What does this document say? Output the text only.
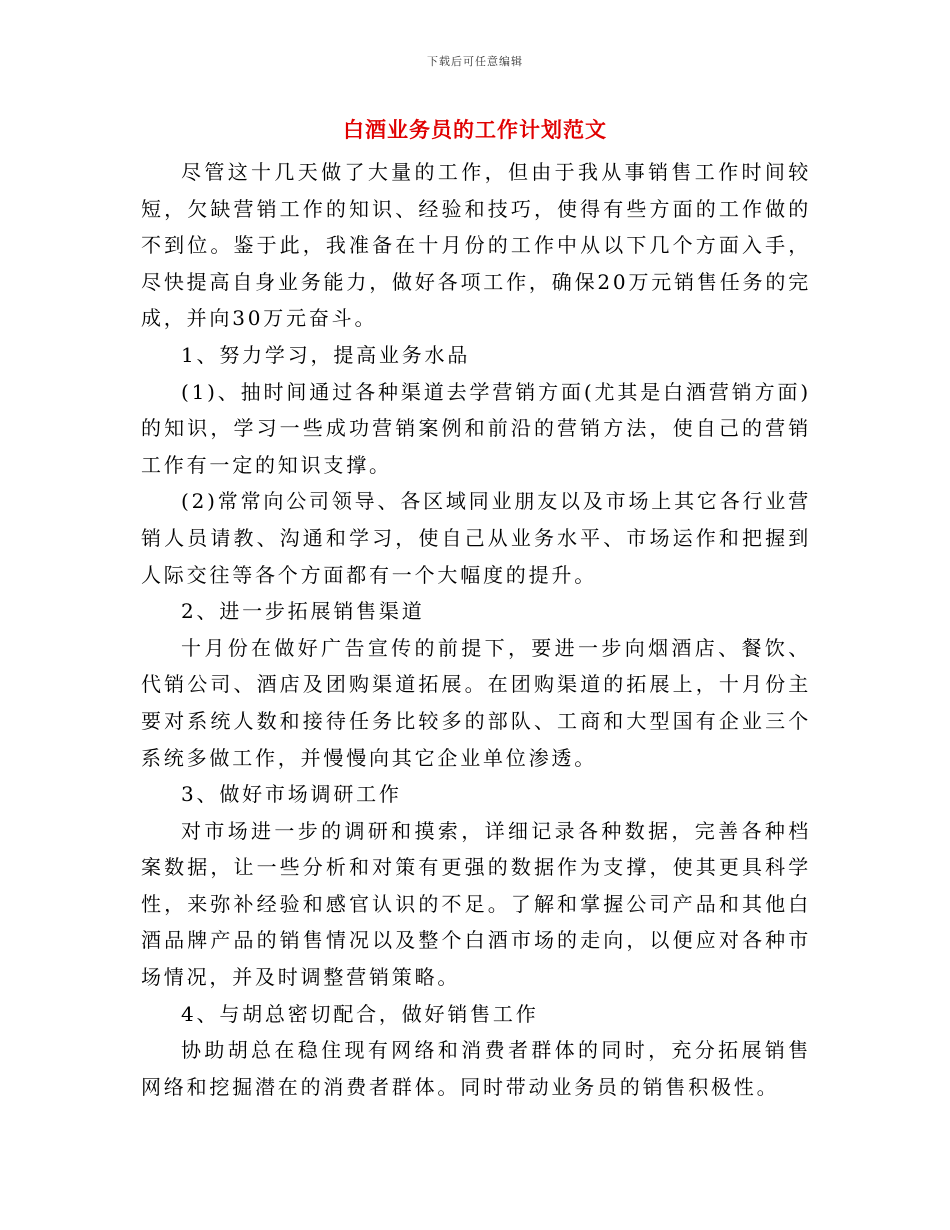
下载后可任意编辑
白酒业务员的工作计划范文

尽管这十几天做了大量的工作，但由于我从事销售工作时间较短，欠缺营销工作的知识、经验和技巧，使得有些方面的工作做的不到位。鉴于此，我准备在十月份的工作中从以下几个方面入手，尽快提高自身业务能力，做好各项工作，确保20万元销售任务的完成，并向30万元奋斗。

1、努力学习，提高业务水品

(1)、抽时间通过各种渠道去学营销方面(尤其是白酒营销方面)的知识，学习一些成功营销案例和前沿的营销方法，使自己的营销工作有一定的知识支撑。

(2)常常向公司领导、各区域同业朋友以及市场上其它各行业营销人员请教、沟通和学习，使自己从业务水平、市场运作和把握到人际交往等各个方面都有一个大幅度的提升。

2、进一步拓展销售渠道

十月份在做好广告宣传的前提下，要进一步向烟酒店、餐饮、代销公司、酒店及团购渠道拓展。在团购渠道的拓展上，十月份主要对系统人数和接待任务比较多的部队、工商和大型国有企业三个系统多做工作，并慢慢向其它企业单位渗透。

3、做好市场调研工作

对市场进一步的调研和摸索，详细记录各种数据，完善各种档案数据，让一些分析和对策有更强的数据作为支撑，使其更具科学性，来弥补经验和感官认识的不足。了解和掌握公司产品和其他白酒品牌产品的销售情况以及整个白酒市场的走向，以便应对各种市场情况，并及时调整营销策略。

4、与胡总密切配合，做好销售工作

协助胡总在稳住现有网络和消费者群体的同时，充分拓展销售网络和挖掘潜在的消费者群体。同时带动业务员的销售积极性。
